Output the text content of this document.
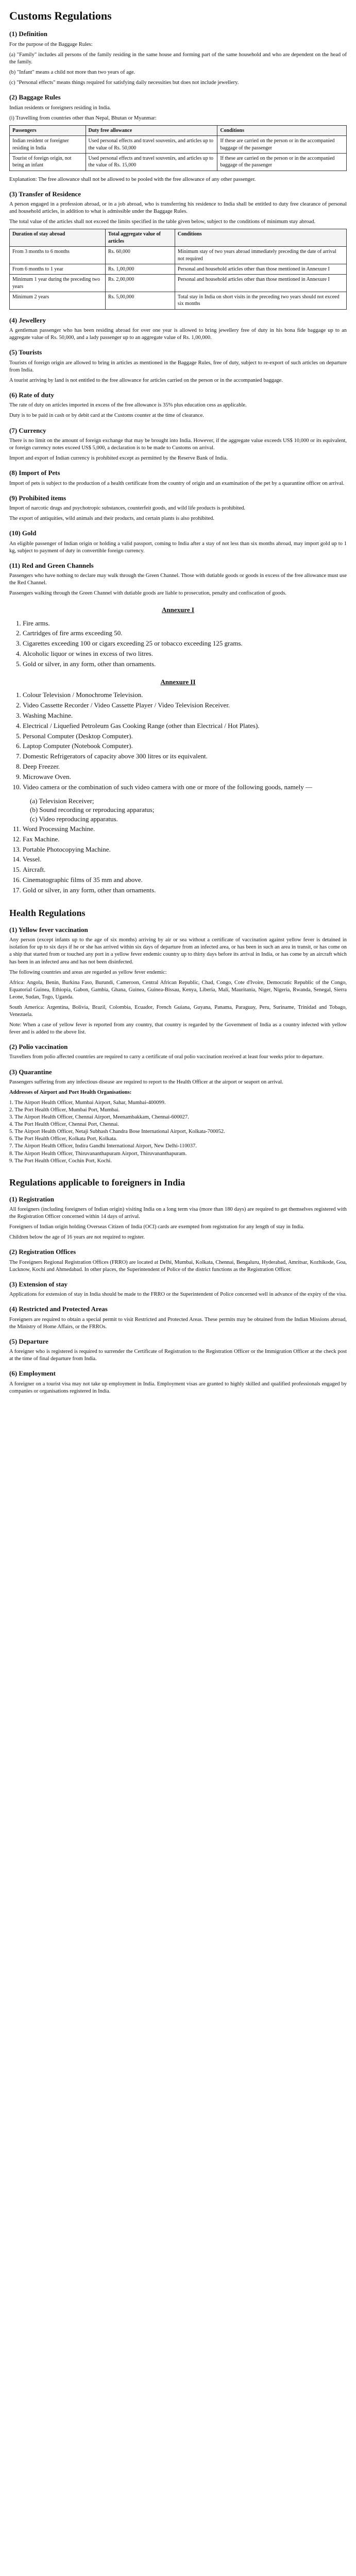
Customs Regulations
(1) Definition

For the purpose of the Baggage Rules:

(a) "Family" includes all persons of the family residing in the same house and forming part of the same household and who are dependent on the head of the family.

(b) "Infant" means a child not more than two years of age.

(c) "Personal effects" means things required for satisfying daily necessities but does not include jewellery.

(2) Baggage Rules

Indian residents or foreigners residing in India.

(i) Travelling from countries other than Nepal, Bhutan or Myanmar:

Passengers	Duty free allowance	Conditions
Indian resident or foreigner residing in India	Used personal effects and travel souvenirs, and articles up to the value of Rs. 50,000	If these are carried on the person or in the accompanied baggage of the passenger
Tourist of foreign origin, not being an infant	Used personal effects and travel souvenirs, and articles up to the value of Rs. 15,000	If these are carried on the person or in the accompanied baggage of the passenger

Explanation: The free allowance shall not be allowed to be pooled with the free allowance of any other passenger.

(3) Transfer of Residence

A person engaged in a profession abroad, or in a job abroad, who is transferring his residence to India shall be entitled to duty free clearance of personal and household articles, in addition to what is admissible under the Baggage Rules.

The total value of the articles shall not exceed the limits specified in the table given below, subject to the conditions of minimum stay abroad.

Duration of stay abroad	Total aggregate value of articles	Conditions
From 3 months to 6 months	Rs. 60,000	Minimum stay of two years abroad immediately preceding the date of arrival not required
From 6 months to 1 year	Rs. 1,00,000	Personal and household articles other than those mentioned in Annexure I
Minimum 1 year during the preceding two years	Rs. 2,00,000	Personal and household articles other than those mentioned in Annexure I
Minimum 2 years	Rs. 5,00,000	Total stay in India on short visits in the preceding two years should not exceed six months
(4) Jewellery

A gentleman passenger who has been residing abroad for over one year is allowed to bring jewellery free of duty in his bona fide baggage up to an aggregate value of Rs. 50,000, and a lady passenger up to an aggregate value of Rs. 1,00,000.

(5) Tourists

Tourists of foreign origin are allowed to bring in articles as mentioned in the Baggage Rules, free of duty, subject to re-export of such articles on departure from India.

A tourist arriving by land is not entitled to the free allowance for articles carried on the person or in the accompanied baggage.

(6) Rate of duty

The rate of duty on articles imported in excess of the free allowance is 35% plus education cess as applicable.

Duty is to be paid in cash or by debit card at the Customs counter at the time of clearance.

(7) Currency

There is no limit on the amount of foreign exchange that may be brought into India. However, if the aggregate value exceeds US$ 10,000 or its equivalent, or foreign currency notes exceed US$ 5,000, a declaration is to be made to Customs on arrival.

Import and export of Indian currency is prohibited except as permitted by the Reserve Bank of India.

(8) Import of Pets

Import of pets is subject to the production of a health certificate from the country of origin and an examination of the pet by a quarantine officer on arrival.

(9) Prohibited items

Import of narcotic drugs and psychotropic substances, counterfeit goods, and wild life products is prohibited.

The export of antiquities, wild animals and their products, and certain plants is also prohibited.

(10) Gold

An eligible passenger of Indian origin or holding a valid passport, coming to India after a stay of not less than six months abroad, may import gold up to 1 kg, subject to payment of duty in convertible foreign currency.

(11) Red and Green Channels

Passengers who have nothing to declare may walk through the Green Channel. Those with dutiable goods or goods in excess of the free allowance must use the Red Channel.

Passengers walking through the Green Channel with dutiable goods are liable to prosecution, penalty and confiscation of goods.

Annexure I
1. Fire arms.
2. Cartridges of fire arms exceeding 50.
3. Cigarettes exceeding 100 or cigars exceeding 25 or tobacco exceeding 125 grams.
4. Alcoholic liquor or wines in excess of two litres.
5. Gold or silver, in any form, other than ornaments.
Annexure II
1. Colour Television / Monochrome Television.
2. Video Cassette Recorder / Video Cassette Player / Video Television Receiver.
3. Washing Machine.
4. Electrical / Liquefied Petroleum Gas Cooking Range (other than Electrical / Hot Plates).
5. Personal Computer (Desktop Computer).
6. Laptop Computer (Notebook Computer).
7. Domestic Refrigerators of capacity above 300 litres or its equivalent.
8. Deep Freezer.
9. Microwave Oven.
10. Video camera or the combination of such video camera with one or more of the following goods, namely —
(a) Television Receiver;
(b) Sound recording or reproducing apparatus;
(c) Video reproducing apparatus.
11. Word Processing Machine.
12. Fax Machine.
13. Portable Photocopying Machine.
14. Vessel.
15. Aircraft.
16. Cinematographic films of 35 mm and above.
17. Gold or silver, in any form, other than ornaments.
Health Regulations
(1) Yellow fever vaccination

Any person (except infants up to the age of six months) arriving by air or sea without a certificate of vaccination against yellow fever is detained in isolation for up to six days if he or she has arrived within six days of departure from an infected area, or has been in such an area in transit, or has come on a ship that started from or touched any port in a yellow fever endemic country up to thirty days before its arrival in India, or has come by an aircraft which has been in an infected area and has not been disinfected.

The following countries and areas are regarded as yellow fever endemic:

Africa: Angola, Benin, Burkina Faso, Burundi, Cameroon, Central African Republic, Chad, Congo, Cote d'Ivoire, Democratic Republic of the Congo, Equatorial Guinea, Ethiopia, Gabon, Gambia, Ghana, Guinea, Guinea-Bissau, Kenya, Liberia, Mali, Mauritania, Niger, Nigeria, Rwanda, Senegal, Sierra Leone, Sudan, Togo, Uganda.

South America: Argentina, Bolivia, Brazil, Colombia, Ecuador, French Guiana, Guyana, Panama, Paraguay, Peru, Suriname, Trinidad and Tobago, Venezuela.

Note: When a case of yellow fever is reported from any country, that country is regarded by the Government of India as a country infected with yellow fever and is added to the above list.

(2) Polio vaccination

Travellers from polio affected countries are required to carry a certificate of oral polio vaccination received at least four weeks prior to departure.

(3) Quarantine

Passengers suffering from any infectious disease are required to report to the Health Officer at the airport or seaport on arrival.

Addresses of Airport and Port Health Organisations:

1. The Airport Health Officer, Mumbai Airport, Sahar, Mumbai-400099.
2. The Port Health Officer, Mumbai Port, Mumbai.
3. The Airport Health Officer, Chennai Airport, Meenambakkam, Chennai-600027.
4. The Port Health Officer, Chennai Port, Chennai.
5. The Airport Health Officer, Netaji Subhash Chandra Bose International Airport, Kolkata-700052.
6. The Port Health Officer, Kolkata Port, Kolkata.
7. The Airport Health Officer, Indira Gandhi International Airport, New Delhi-110037.
8. The Airport Health Officer, Thiruvananthapuram Airport, Thiruvananthapuram.
9. The Port Health Officer, Cochin Port, Kochi.
Regulations applicable to foreigners in India
(1) Registration

All foreigners (including foreigners of Indian origin) visiting India on a long term visa (more than 180 days) are required to get themselves registered with the Registration Officer concerned within 14 days of arrival.

Foreigners of Indian origin holding Overseas Citizen of India (OCI) cards are exempted from registration for any length of stay in India.

Children below the age of 16 years are not required to register.

(2) Registration Offices

The Foreigners Regional Registration Offices (FRRO) are located at Delhi, Mumbai, Kolkata, Chennai, Bengaluru, Hyderabad, Amritsar, Kozhikode, Goa, Lucknow, Kochi and Ahmedabad. In other places, the Superintendent of Police of the district functions as the Registration Officer.

(3) Extension of stay

Applications for extension of stay in India should be made to the FRRO or the Superintendent of Police concerned well in advance of the expiry of the visa.

(4) Restricted and Protected Areas

Foreigners are required to obtain a special permit to visit Restricted and Protected Areas. These permits may be obtained from the Indian Missions abroad, the Ministry of Home Affairs, or the FRROs.

(5) Departure

A foreigner who is registered is required to surrender the Certificate of Registration to the Registration Officer or the Immigration Officer at the check post at the time of final departure from India.

(6) Employment

A foreigner on a tourist visa may not take up employment in India. Employment visas are granted to highly skilled and qualified professionals engaged by companies or organisations registered in India.
